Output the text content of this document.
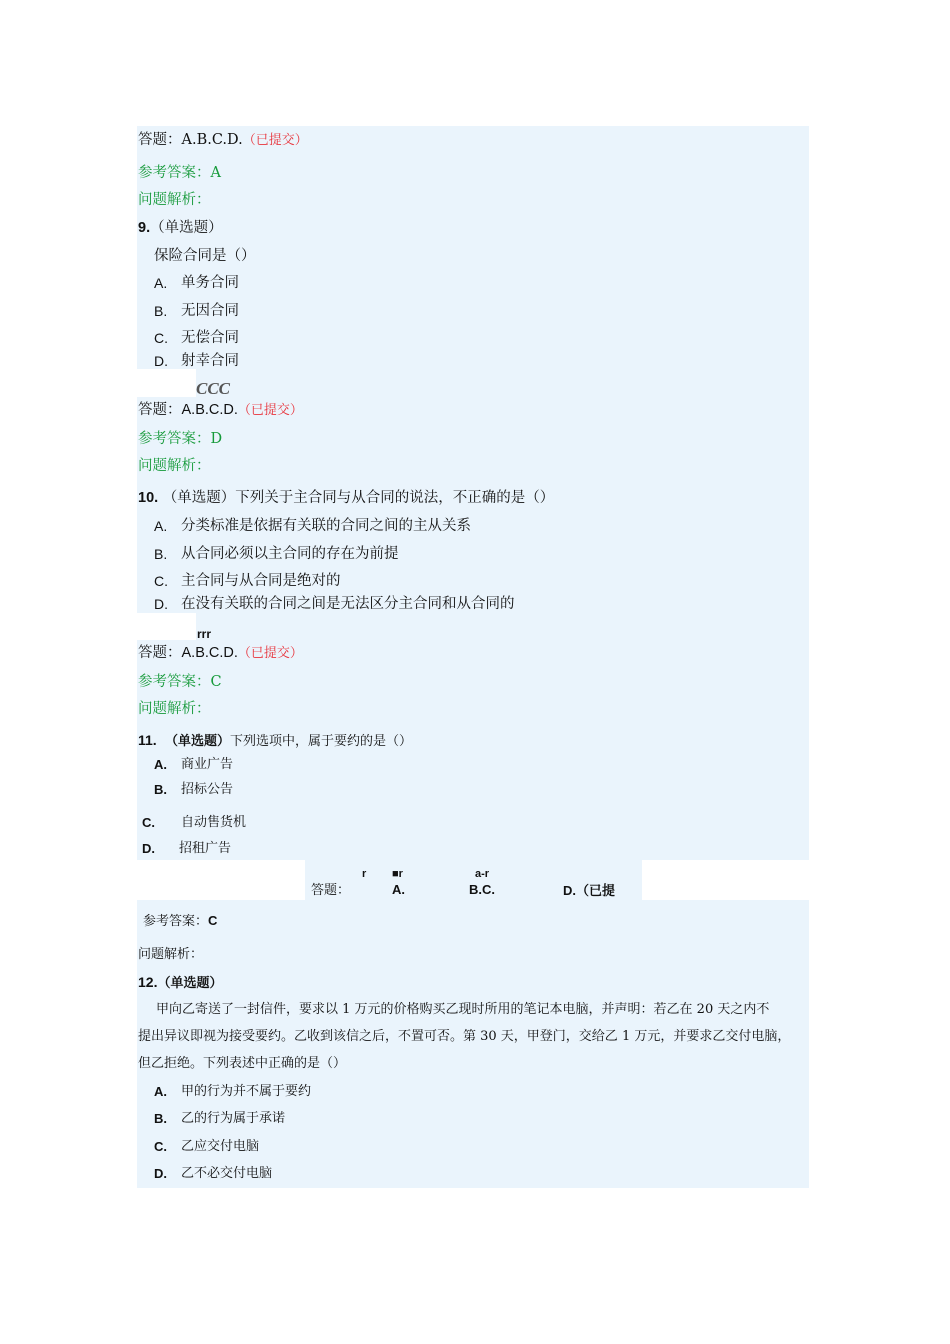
答题：A.B.C.D.（已提交）
参考答案：A
问题解析：
9.（单选题）
保险合同是（）
A. 单务合同
B. 无因合同
C. 无偿合同
D. 射幸合同
CCC
答题：A.B.C.D.（已提交）
参考答案：D
问题解析：
10. （单选题）下列关于主合同与从合同的说法，不正确的是（）
A. 分类标准是依据有关联的合同之间的主从关系
B. 从合同必须以主合同的存在为前提
C. 主合同与从合同是绝对的
D. 在没有关联的合同之间是无法区分主合同和从合同的
rrr
答题：A.B.C.D.（已提交）
参考答案：C
问题解析：
11. （单选题）下列选项中，属于要约的是（）
A. 商业广告
B. 招标公告
C. 自动售货机
D. 招租广告
r ■r	a-r
答题：	A.	B.C.	D.（已提
参考答案：C
问题解析：
12.（单选题）
甲向乙寄送了一封信件，要求以 1 万元的价格购买乙现时所用的笔记本电脑，并声明：若乙在 20 天之内不
提出异议即视为接受要约。乙收到该信之后，不置可否。第 30 天，甲登门，交给乙 1 万元，并要求乙交付电脑，
但乙拒绝。下列表述中正确的是（）
A. 甲的行为并不属于要约
B. 乙的行为属于承诺
C. 乙应交付电脑
D. 乙不必交付电脑
